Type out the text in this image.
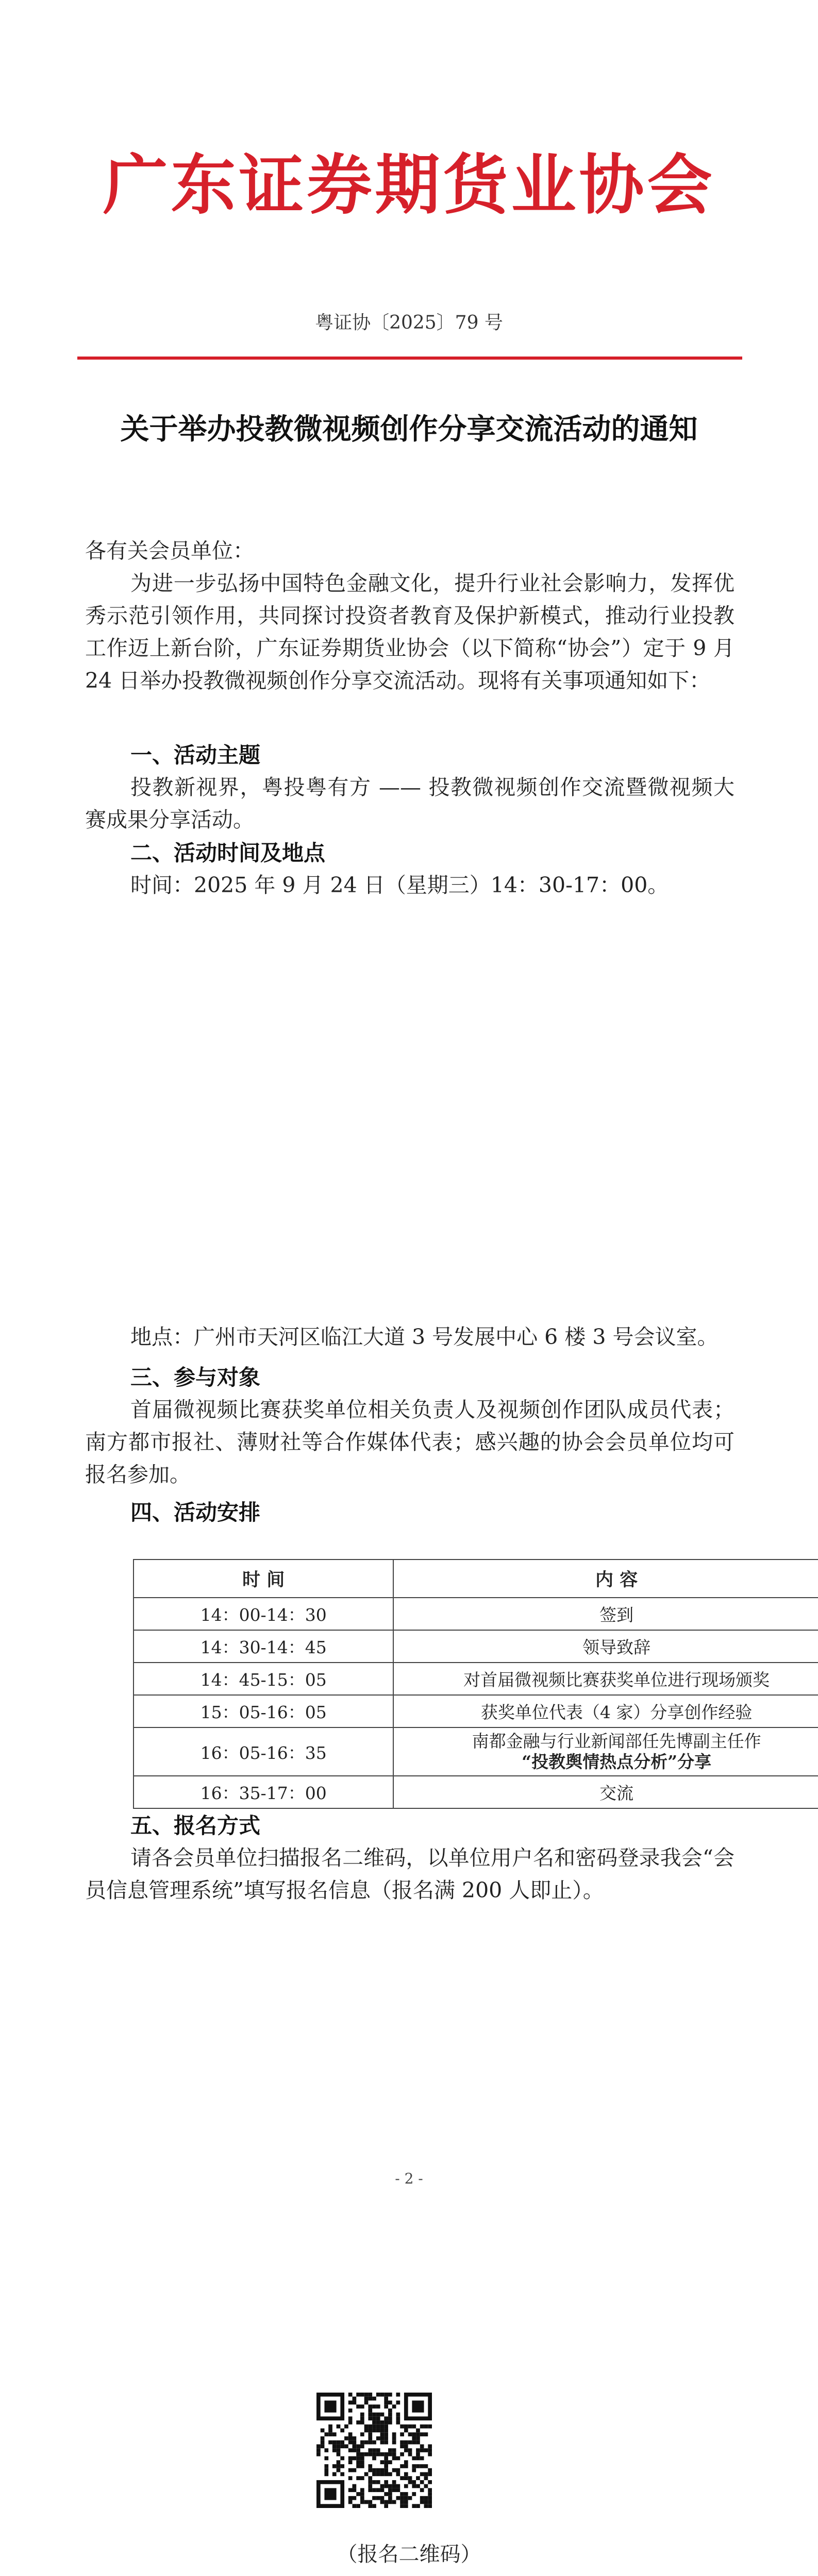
广东证券期货业协会
粤证协〔2025〕79 号
关于举办投教微视频创作分享交流活动的通知
各有关会员单位：
为进一步弘扬中国特色金融文化，提升行业社会影响力，发挥优秀示范引领作用，共同探讨投资者教育及保护新模式，推动行业投教工作迈上新台阶，广东证券期货业协会（以下简称“协会”）定于 9 月 24 日举办投教微视频创作分享交流活动。现将有关事项通知如下：
一、活动主题
投教新视界，粤投粤有方 —— 投教微视频创作交流暨微视频大赛成果分享活动。
二、活动时间及地点
时间：2025 年 9 月 24 日（星期三）14：30-17：00。
地点：广州市天河区临江大道 3 号发展中心 6 楼 3 号会议室。
三、参与对象
首届微视频比赛获奖单位相关负责人及视频创作团队成员代表；南方都市报社、薄财社等合作媒体代表；感兴趣的协会会员单位均可报名参加。
四、活动安排
时 间	内 容
14：00-14：30	签到
14：30-14：45	领导致辞
14：45-15：05	对首届微视频比赛获奖单位进行现场颁奖
15：05-16：05	获奖单位代表（4 家）分享创作经验
16：05-16：35	南都金融与行业新闻部任先博副主任作
“投教舆情热点分析”分享

16：35-17：00	交流
五、报名方式
请各会员单位扫描报名二维码，以单位用户名和密码登录我会“会员信息管理系统”填写报名信息（报名满 200 人即止）。
- 2 -
（报名二维码）
